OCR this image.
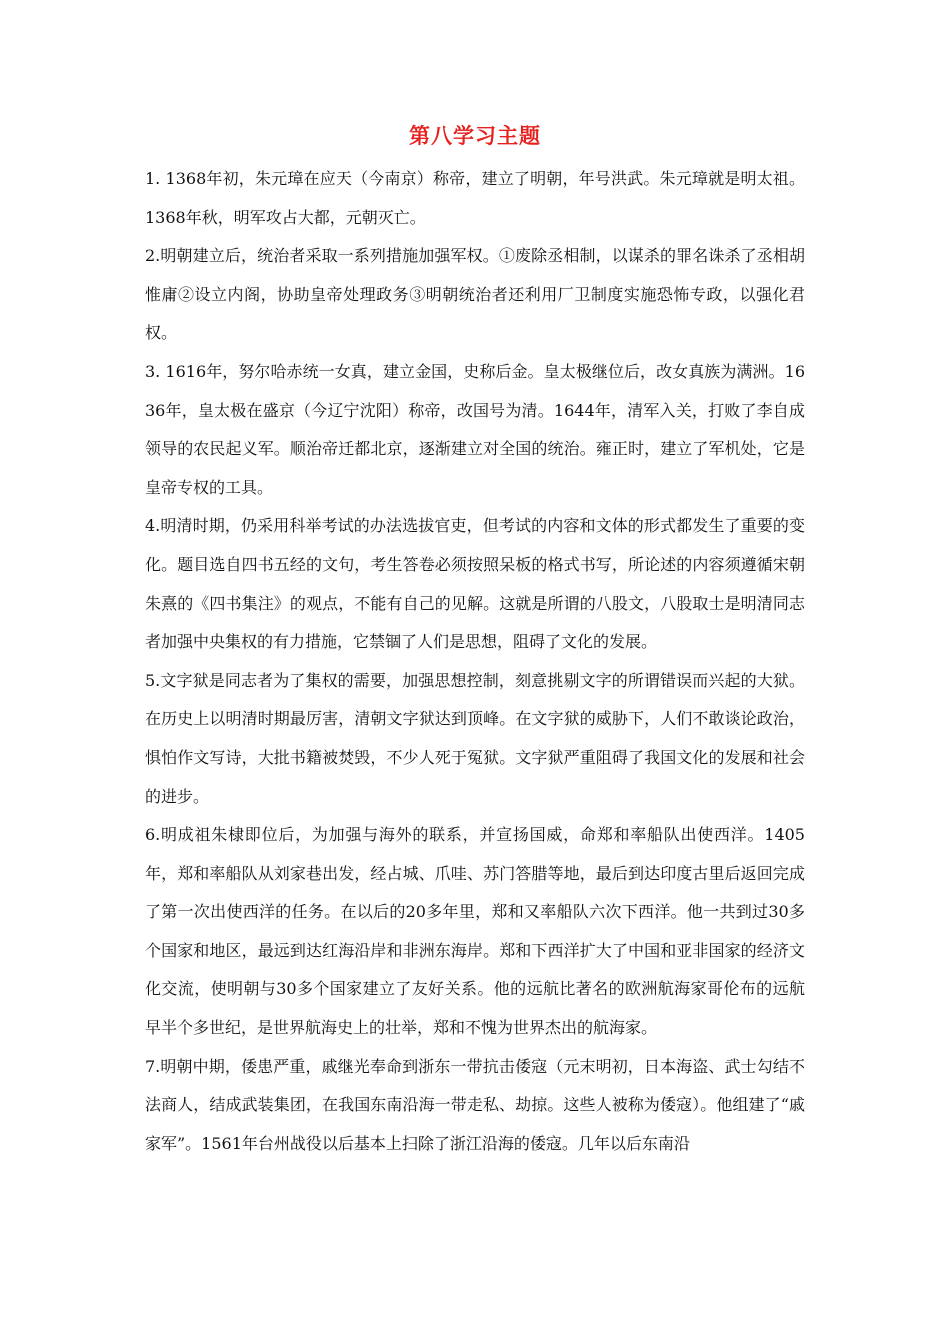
第八学习主题

1. 1368年初，朱元璋在应天（今南京）称帝，建立了明朝，年号洪武。朱元璋就是明太祖。1368年秋，明军攻占大都，元朝灭亡。

2.明朝建立后，统治者采取一系列措施加强军权。①废除丞相制，以谋杀的罪名诛杀了丞相胡惟庸②设立内阁，协助皇帝处理政务③明朝统治者还利用厂卫制度实施恐怖专政，以强化君权。

3. 1616年，努尔哈赤统一女真，建立金国，史称后金。皇太极继位后，改女真族为满洲。1636年，皇太极在盛京（今辽宁沈阳）称帝，改国号为清。1644年，清军入关，打败了李自成领导的农民起义军。顺治帝迁都北京，逐渐建立对全国的统治。雍正时，建立了军机处，它是皇帝专权的工具。

4.明清时期，仍采用科举考试的办法选拔官吏，但考试的内容和文体的形式都发生了重要的变化。题目选自四书五经的文句，考生答卷必须按照呆板的格式书写，所论述的内容须遵循宋朝朱熹的《四书集注》的观点，不能有自己的见解。这就是所谓的八股文，八股取士是明清同志者加强中央集权的有力措施，它禁锢了人们是思想，阻碍了文化的发展。

5.文字狱是同志者为了集权的需要，加强思想控制，刻意挑剔文字的所谓错误而兴起的大狱。在历史上以明清时期最厉害，清朝文字狱达到顶峰。在文字狱的威胁下，人们不敢谈论政治，惧怕作文写诗，大批书籍被焚毁，不少人死于冤狱。文字狱严重阻碍了我国文化的发展和社会的进步。

6.明成祖朱棣即位后，为加强与海外的联系，并宣扬国威，命郑和率船队出使西洋。1405年，郑和率船队从刘家巷出发，经占城、爪哇、苏门答腊等地，最后到达印度古里后返回完成了第一次出使西洋的任务。在以后的20多年里，郑和又率船队六次下西洋。他一共到过30多个国家和地区，最远到达红海沿岸和非洲东海岸。郑和下西洋扩大了中国和亚非国家的经济文化交流，使明朝与30多个国家建立了友好关系。他的远航比著名的欧洲航海家哥伦布的远航早半个多世纪，是世界航海史上的壮举，郑和不愧为世界杰出的航海家。

7.明朝中期，倭患严重，戚继光奉命到浙东一带抗击倭寇（元末明初，日本海盗、武士勾结不法商人，结成武装集团，在我国东南沿海一带走私、劫掠。这些人被称为倭寇）。他组建了“戚家军”。1561年台州战役以后基本上扫除了浙江沿海的倭寇。几年以后东南沿
